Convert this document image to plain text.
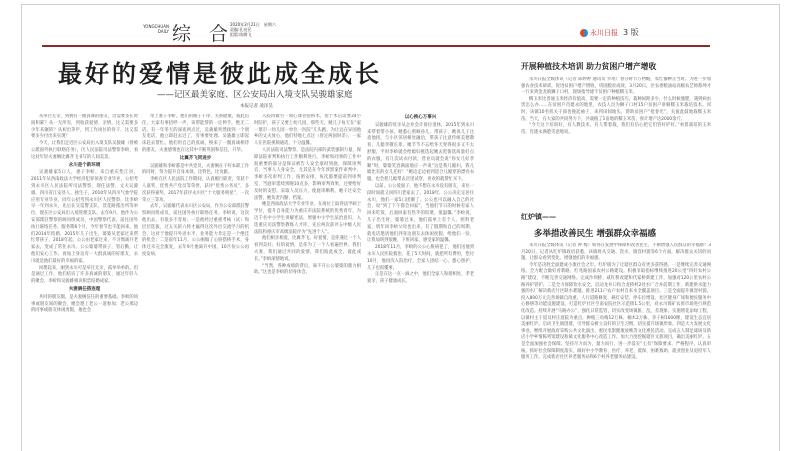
YONGCHUAN
DAILY 综 合
2020年3月21日　星期六
责编:孔亮民
组版:陈腾飞	永川日报 3 版
最好的爱情是彼此成全成长
——记区最美家庭、区公安局出入境支队吴骏雄家庭
本报记者 凌泽昊

从举目无亲，到拥有一圈真诚的朋友，这需要多长时间积累？从一无所有，到收获爱情、亲情，这又需要多少年来辗转？从初出茅庐，到工作岗位的骨干，这又需要多少付出来实现？

今天，让我们走近区公安局出入境支队吴骏雄（曾被公派国外执行联络任务），区人民法院司法警察李蚧，看这对年轻夫妻俩比翼齐飞书写的人间美景。

永川是个新环境

吴骏雄家5口人，妻子李蚧，来自重庆垫江县，2011年从西南政法大学经济犯罪侦查专业毕业，公招考到永川区人民法院所司法警察，现任法警。丈夫吴骏雄，四川省江安县人，独生子，2010年从四川气象学院应用专业毕业，同年公招考到永川区人民警察，比李蚧早一年到永川，先后在交巡警支队、萱花路派出所等单位，现在区公安局出入境管理支队。去年9月，他作为公安部派驻警察的顾问组成员，中国警察代表，前往国外执行联络任务，服务期6个月，今年春节也不能回来。他们2014年结婚，2015年儿子出生，婆婆从老家过来帮忙带孩子，2018年起，公公由老家过来，不习惯离开老家去，变成了常住永川。公公婆婆带孩子，管后勤，让他们安心工作。再加上身边有一大群真诚的好朋友，永川就是他们最好的幸福的家。

回想起来，刚到永川可是举目无亲，孤单举单的。但是通过工作，他们结识了许多真诚的朋友，通过年轻人的聚会，李蚧和吴骏雄相识相恋结婚成家。

夫妻俩任搭连理

共同的朋友圈，是夫妻俩信任的重要基础。李蚧的同事或朋友间的聚会，她会邀上老公一道参加；老公那边的同事或朋友休闲度假，他也会

带上妻子李蚧。他们的圈子干净、关系健康，彼此信任，大家有事招呼一声，该帮能帮的一定伸手，绝无二话。有一年冬天的深夜两点过，吴骏雄突然接到一个朋友电话，他立即赶去过了，有事要处理。吴骏雄立即起床赶去帮忙。他们用自己的真诚，换来了一圈真诚相待的朋友，夫妻感情也在这其中不断巩固和信任，升华。

比翼齐飞同进步

吴骏雄和李蚧都是中共党员，夫妻俩在干好本职工作的同时，努力提升自身本领，比特色，比贡献。

李蚧在区人民法院工作期间，认真履行职责，荣获个人嘉奖、优秀共产党员等荣誉，获评“优秀公务员”，多次获得嘉奖，2017年获评永川区“十大服务明星”，一次荣立三等功。

去年，吴骏雄代表永川区公安局，作为公安部派驻警察顾问组成员，前往国外执行联络任务。李蚧说，这次他出去，有很多不容易；一是他经过重重考核（试）和层层选拔，过五关斩六将才赢得这次外出交流学习的机会，这对于他提升外语水平、业务能力肯定是一个绝佳的机会；二是前年11月，公公刚做了心脏搭桥手术，身体还未完全康复，去年9月他离开中国，10月份公公再度发病，

入院再做另一项心血管搭桥术，由于术后需要24小时陪护，孩子又要上幼儿园，那些天，她儿子每天在“家一菜市一幼儿园一单位一医院”几头跑。为让远在异国他乡的丈夫放心，他们特地七点过（曾定两国时差），一家人在医院视频通话，十分温馨。

人民法院司法警察，是法院内部的武装强制力量，保障法院审判和执行工作顺利进行。李蚧和同事的工作中很重要的部分是保证被告人安全准时到庭，保障审判官、当事人人身安全，尤其是在今年涉黑案件审判中，李蚧多次审判工作，按照安排，每次都要提前到审判室，当庭审延续到晚10点多，影响审判效果，还要给好及时的安慰。采取人员压力，使庭审顺利。她干过安全法警，她负责内勤、档案。

她是西南政法大学专业毕业，在岗位上取得法学硕士学位，提升自身能力为重庆市法院系统的优秀青年，为迈千名中小学生讲解宪法，增强中小学生法治意识，入选重庆司法警察教练人才库，先后两次获评五中级人民法院和重庆市高级法院评为“先进个人”。

他们相亲相爱，比翼齐飞。好爱情，是你遇过一个人看到美好；好的爱情，是你为了一个人看遍世界。我们夫妻，我们通过共同的爱情，我们彼此成全，彼此成长。”李蚧深情地说。

“当然，各种成绩的背后，离不开公公婆婆的鼎力相助。”这也是李蚧的切身体会。

以心换心万事兴

吴骏雄的母亲从企业会计岗位退休，2015年到永川来帮着带小孩，她悉心照顾孙儿，带孩子，她说儿子注意他找，与小区邻居相处融洽，带孩子注意传统美德教育，儿媳孝敬长辈。她节节不忘给冬天穿得很多又不太舒服，平时李蚧就会给媳妇挑选起她去逛街选质量好点的衣服，有几次试衣付款，营业员就会说“你女儿好孝顺”时，婆婆笑容满面地应一声说“这是我儿媳妇，我儿媳比有的女儿还好！”她边走边看到适合儿媳穿的漂亮衣服，也会把儿媳带去店里试穿，喜欢的就帮忙买下。

以前，公公爱面子，他不想在永川没有朋友，来住一段时间就又回四川老家去了。2018年，公公决定定居住永川，他们一家5口团聚了。公公也可以融入自己的社会，说“到了下午都会回家”，当他们节日的时候有家人回来吃饭，后面回家有热乎的饭菜，很温馨。”李蚧说，儿子出生时，婆婆过来，他们孤单上有个人，照料老家，明年回李蚧父母也出来，有了假期和自己的周期，就电话邀请他们到身边朋友去休闲度假，给他们一份，让我加班到很晚，下班回家，感受家的温馨。

2018年11月，李蚧的公公心脏病犯了，他们送他到永川人民医院救治，花了5天时间，就把所有费用，垫付10月，他再次入院治疗，全家人团结一心，悉心照护，儿子也很懂事。

正是在这一点一滴之中，他们全家人和谐相处，孝老爱亲，孩子健康成长。

开展种植技术培训 助力贫困户增产增收

永川日报全媒体讯（记者 陈婷婷 通讯员 罗瑶）春分时节万物醒，农忙播种正当时。为进一步加强农业技术研训，促进贫困户增产增收，巩固脱贫成效，3月20日，区农委粮油站高级农艺师蔡坤才一行来到金龙镇狮子口村，现场指导建卡贫困户种植糯玉米。

糯玉米比普通玉米经济价值高，需要一定的种植技巧。栽种间距多少，什么时候施肥，遇到病虫害怎么办……在贫困户肖建永的地里，农技人员为狮子口村15户贫困户讲解糯玉米栽培技术。同时，该镇10名机关干部也挽起袖子，来到田间地头，帮助贫困户“抢春光”，关彼此鼓地栽糯玉米苗。当天，在大家的共同努力下，共栽植了1亩地的糯玉米苗，预计增产达2000余斤。

“今天这个培训好，有人教技术，有人帮着栽，我们有信心把它们管好护好。”看着栽培的玉米苗，肖建永满脸笑意地说。

红炉镇——
多举措改善民生 增强群众幸福感

永川日报全媒体讯（记者 钟 梅）如何在发展中保障和改善民生，不断增强人民群众的幸福感？3月20日，记者从红炉镇政府获悉，该镇将从交通、饮水、镇容村貌等6个方面，解决群众关切的问题，让群众看到变化，增强他们的幸福感。

今年是决胜全面建成小康社会之年。红炉镇为了让辖区群众有更多获得感，一是继续完善交通网络。全力配合做好青新路、红兆路国家农村公路建设。积极争取指标继续推进20公里“四好农村公路”建设，不断完善交通网络。完成沙坝桥、咸红桥改建和代家桥新建工作，加强对120公里农村公路养护管护。二是全力保障饮水安全。启动龙井口和合龙桥村2处水厂合并前期工作，新建供水能力强的水厂解决新店片区缺水难题。推进211户农户农村自来水全覆盖项目。三是全面提升镇容村貌。投入800万元完善场镇自改重，人行道路修复、路灯安装、停车位增设、社区健身广场和便民服务中心修缮等功能设施建设。打造红炉社区至南安院社区示范街1.5公里，对永川煤矿农贸市场进行规范化改造。持续开展“马路办公”，强化日常监管，切实改变场镇脏、乱、差现象。实施增花添绿工程，以镇村主干道及村庄庭院为重点，种植三角梅12万株、楠木2万株、李子树1600棵，建设生态宜居美丽红炉。启动卫生镇创建，引导群众树立良好的卫生习惯，切实提升场镇形象。四是大力发展文化事业。继续开展政府采购公共文化演出，惠民电影健康放映等文化惠民活动。完成五人制足球场及新店小学乡情陈列馆建设和镇文化服务中心改造工作。加大力度挖掘辖区文旅项目，确出美丽红炉。五是全面加强社会保障。坚持尽力而为，量力而行，进一步落实“七有”保障要求，严格程序，认真审核，抓好社会保障制度落实，做好中小学教育、医疗、养老、低保、困难救助、就业创业及退役军人服务工作。完成新店社区养老服务站和6个村养老服务站建设。
